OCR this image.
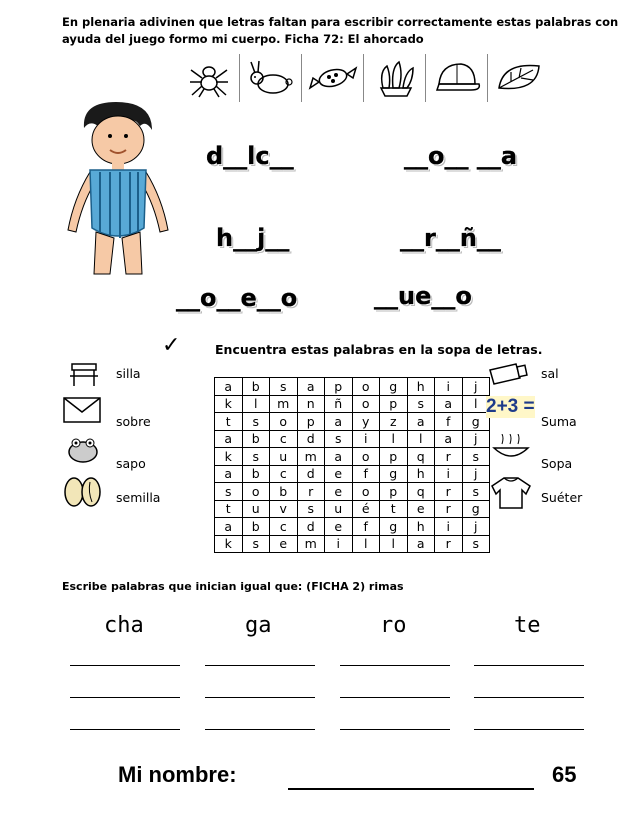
En plenaria adivinen que letras faltan para escribir correctamente estas palabras con ayuda del juego formo mi cuerpo. Ficha 72: El ahorcado
d__lc__	__o__ __a
h__j__	__r__ñ__
__o__e__o	__ue__o
✓	Encuentra estas palabras en la sopa de letras.
silla
sobre
sapo
semilla
a	b	s	a	p	o	g	h	i	j
k	l	m	n	ñ	o	p	s	a	l
t	s	o	p	a	y	z	a	f	g
a	b	c	d	s	i	l	l	a	j
k	s	u	m	a	o	p	q	r	s
a	b	c	d	e	f	g	h	i	j
s	o	b	r	e	o	p	q	r	s
t	u	v	s	u	é	t	e	r	g
a	b	c	d	e	f	g	h	i	j
k	s	e	m	i	l	l	a	r	s
2+3 =
sal
Suma
Sopa
Suéter
Escribe palabras que inician igual que: (FICHA 2) rimas
cha	ga	ro	te
Mi nombre:	65
